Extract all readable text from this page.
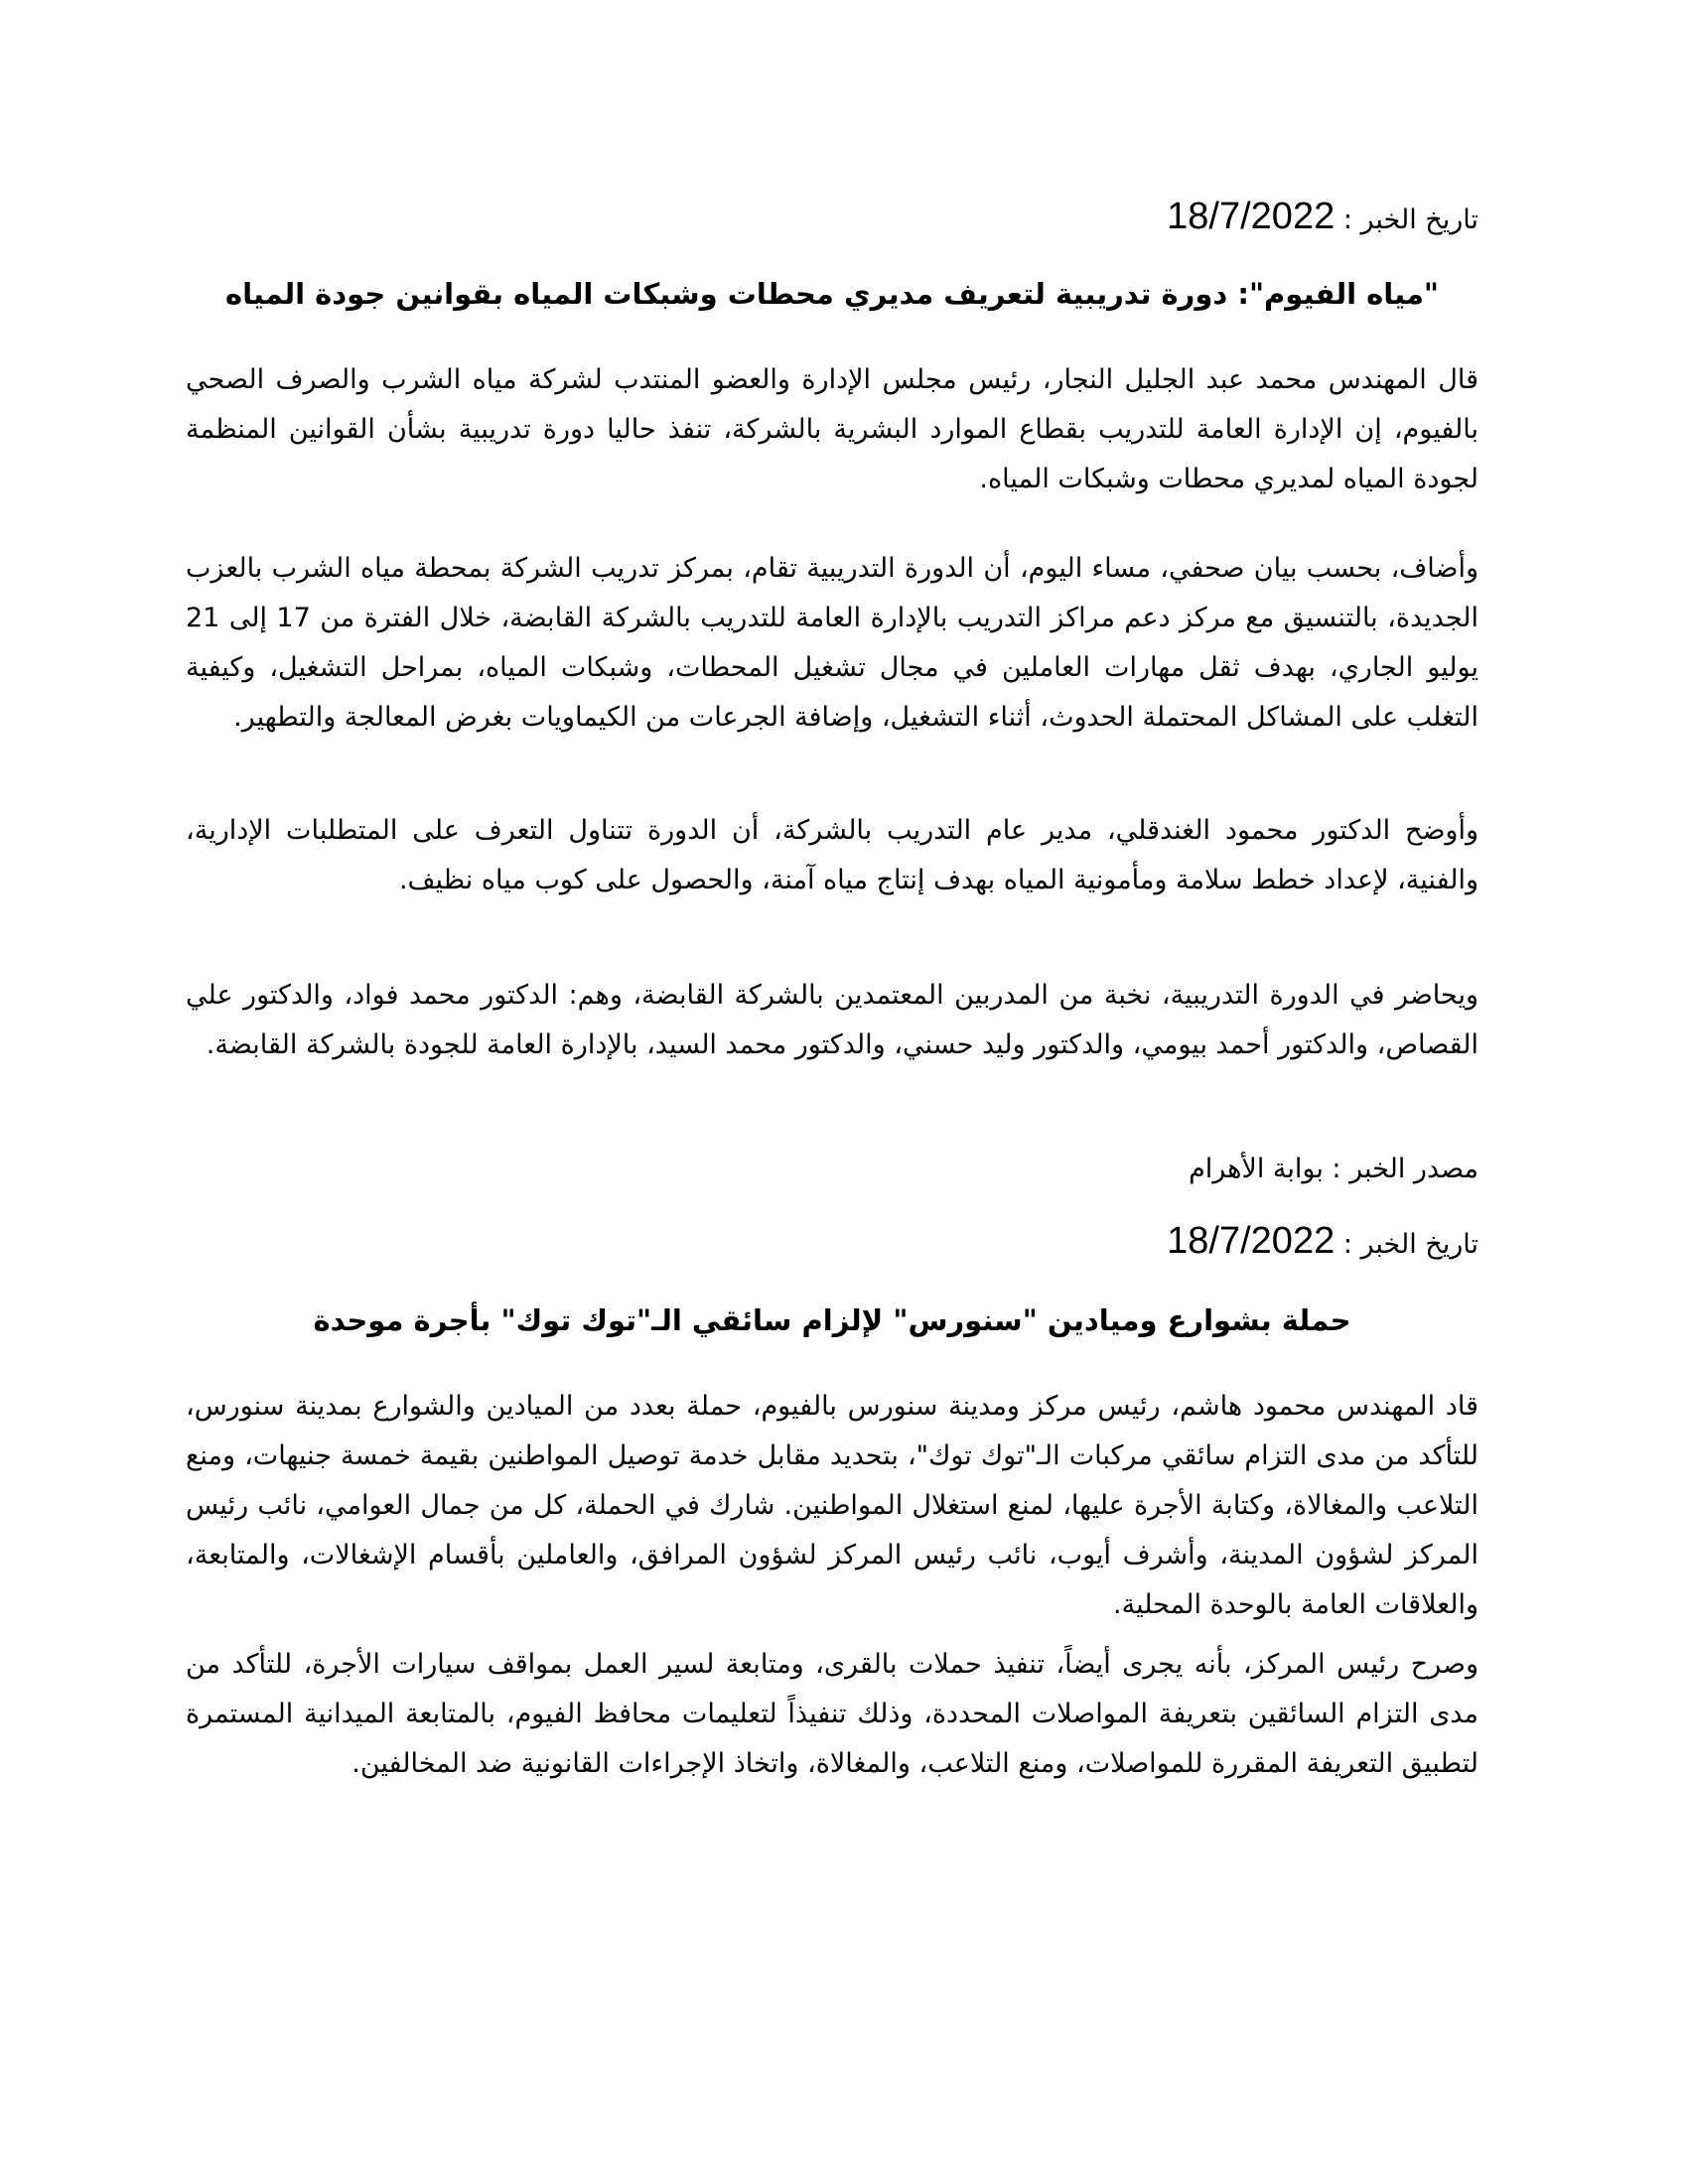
تاريخ الخبر : 18/7/2022

"مياه الفيوم": دورة تدريبية لتعريف مديري محطات وشبكات المياه بقوانين جودة المياه

قال المهندس محمد عبد الجليل النجار، رئيس مجلس الإدارة والعضو المنتدب لشركة مياه الشرب والصرف الصحي بالفيوم، إن الإدارة العامة للتدريب بقطاع الموارد البشرية بالشركة، تنفذ حاليا دورة تدريبية بشأن القوانين المنظمة لجودة المياه لمديري محطات وشبكات المياه.

وأضاف، بحسب بيان صحفي، مساء اليوم، أن الدورة التدريبية تقام، بمركز تدريب الشركة بمحطة مياه الشرب بالعزب الجديدة، بالتنسيق مع مركز دعم مراكز التدريب بالإدارة العامة للتدريب بالشركة القابضة، خلال الفترة من 17 إلى 21 يوليو الجاري، بهدف ثقل مهارات العاملين في مجال تشغيل المحطات، وشبكات المياه، بمراحل التشغيل، وكيفية التغلب على المشاكل المحتملة الحدوث، أثناء التشغيل، وإضافة الجرعات من الكيماويات بغرض المعالجة والتطهير.

وأوضح الدكتور محمود الغندقلي، مدير عام التدريب بالشركة، أن الدورة تتناول التعرف على المتطلبات الإدارية، والفنية، لإعداد خطط سلامة ومأمونية المياه بهدف إنتاج مياه آمنة، والحصول على كوب مياه نظيف.

ويحاضر في الدورة التدريبية، نخبة من المدربين المعتمدين بالشركة القابضة، وهم: الدكتور محمد فواد، والدكتور علي القصاص، والدكتور أحمد بيومي، والدكتور وليد حسني، والدكتور محمد السيد، بالإدارة العامة للجودة بالشركة القابضة.

مصدر الخبر : بوابة الأهرام

تاريخ الخبر : 18/7/2022

حملة بشوارع وميادين "سنورس" لإلزام سائقي الـ"توك توك" بأجرة موحدة

قاد المهندس محمود هاشم، رئيس مركز ومدينة سنورس بالفيوم، حملة بعدد من الميادين والشوارع بمدينة سنورس، للتأكد من مدى التزام سائقي مركبات الـ"توك توك"، بتحديد مقابل خدمة توصيل المواطنين بقيمة خمسة جنيهات، ومنع التلاعب والمغالاة، وكتابة الأجرة عليها، لمنع استغلال المواطنين. شارك في الحملة، كل من جمال العوامي، نائب رئيس المركز لشؤون المدينة، وأشرف أيوب، نائب رئيس المركز لشؤون المرافق، والعاملين بأقسام الإشغالات، والمتابعة، والعلاقات العامة بالوحدة المحلية.

وصرح رئيس المركز، بأنه يجرى أيضاً، تنفيذ حملات بالقرى، ومتابعة لسير العمل بمواقف سيارات الأجرة، للتأكد من مدى التزام السائقين بتعريفة المواصلات المحددة، وذلك تنفيذاً لتعليمات محافظ الفيوم، بالمتابعة الميدانية المستمرة لتطبيق التعريفة المقررة للمواصلات، ومنع التلاعب، والمغالاة، واتخاذ الإجراءات القانونية ضد المخالفين.
